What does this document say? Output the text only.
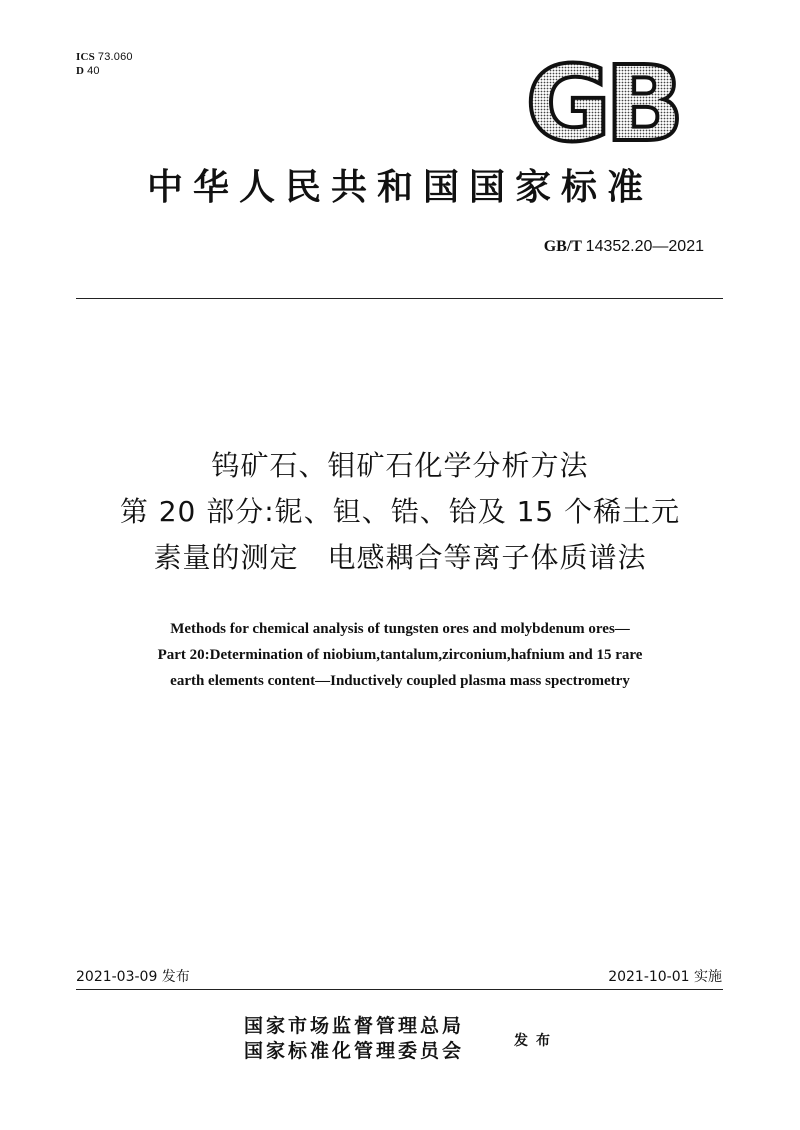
ICS 73.060
D 40	GB
中华人民共和国国家标准
GB/T 14352.20—2021
钨矿石、钼矿石化学分析方法
第 20 部分:铌、钽、锆、铪及 15 个稀土元
素量的测定　电感耦合等离子体质谱法
Methods for chemical analysis of tungsten ores and molybdenum ores—
Part 20:Determination of niobium,tantalum,zirconium,hafnium and 15 rare
earth elements content—Inductively coupled plasma mass spectrometry
2021-03-09 发布	2021-10-01 实施
国家市场监督管理总局
国家标准化管理委员会	发布
